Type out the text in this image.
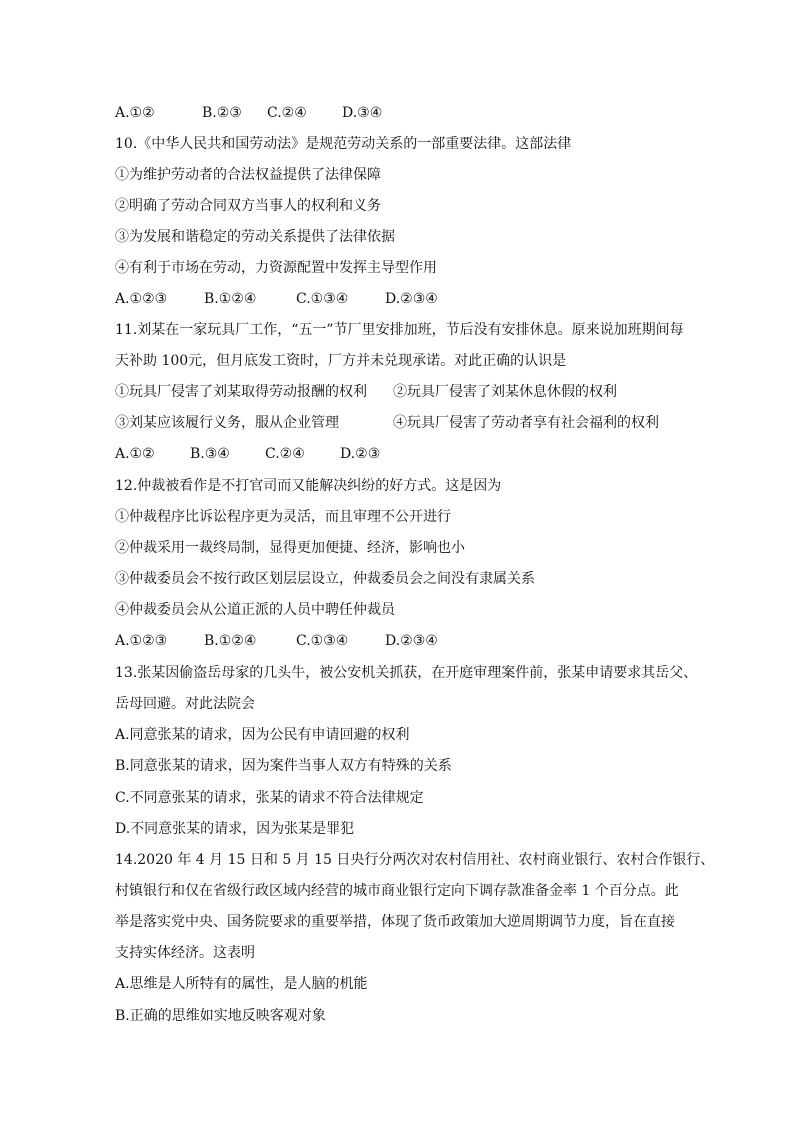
A.①②	B.②③ C.②④	D.③④
10.《中华人民共和国劳动法》是规范劳动关系的一部重要法律。这部法律
①为维护劳动者的合法权益提供了法律保障
②明确了劳动合同双方当事人的权利和义务
③为发展和谐稳定的劳动关系提供了法律依据
④有利于市场在劳动，力资源配置中发挥主导型作用
A.①②③	B.①②④	C.①③④	D.②③④
11.刘某在一家玩具厂工作，“五一”节厂里安排加班，节后没有安排休息。原来说加班期间每
天补助 100元，但月底发工资时，厂方并未兑现承诺。对此正确的认识是
①玩具厂侵害了刘某取得劳动报酬的权利 ②玩具厂侵害了刘某休息休假的权利
③刘某应该履行义务，服从企业管理	④玩具厂侵害了劳动者享有社会福利的权利
A.①②	B.③④	C.②④	D.②③
12.仲裁被看作是不打官司而又能解决纠纷的好方式。这是因为
①仲裁程序比诉讼程序更为灵活，而且审理不公开进行
②仲裁采用一裁终局制，显得更加便捷、经济，影响也小
③仲裁委员会不按行政区划层层设立，仲裁委员会之间没有隶属关系
④仲裁委员会从公道正派的人员中聘任仲裁员
A.①②③	B.①②④	C.①③④	D.②③④
13.张某因偷盗岳母家的几头牛，被公安机关抓获，在开庭审理案件前，张某申请要求其岳父、
岳母回避。对此法院会
A.同意张某的请求，因为公民有申请回避的权利
B.同意张某的请求，因为案件当事人双方有特殊的关系
C.不同意张某的请求，张某的请求不符合法律规定
D.不同意张某的请求，因为张某是罪犯
14.2020 年 4 月 15 日和 5 月 15 日央行分两次对农村信用社、农村商业银行、农村合作银行、
村镇银行和仅在省级行政区域内经营的城市商业银行定向下调存款准备金率 1 个百分点。此
举是落实党中央、国务院要求的重要举措，体现了货币政策加大逆周期调节力度，旨在直接
支持实体经济。这表明
A.思维是人所特有的属性，是人脑的机能
B.正确的思维如实地反映客观对象
